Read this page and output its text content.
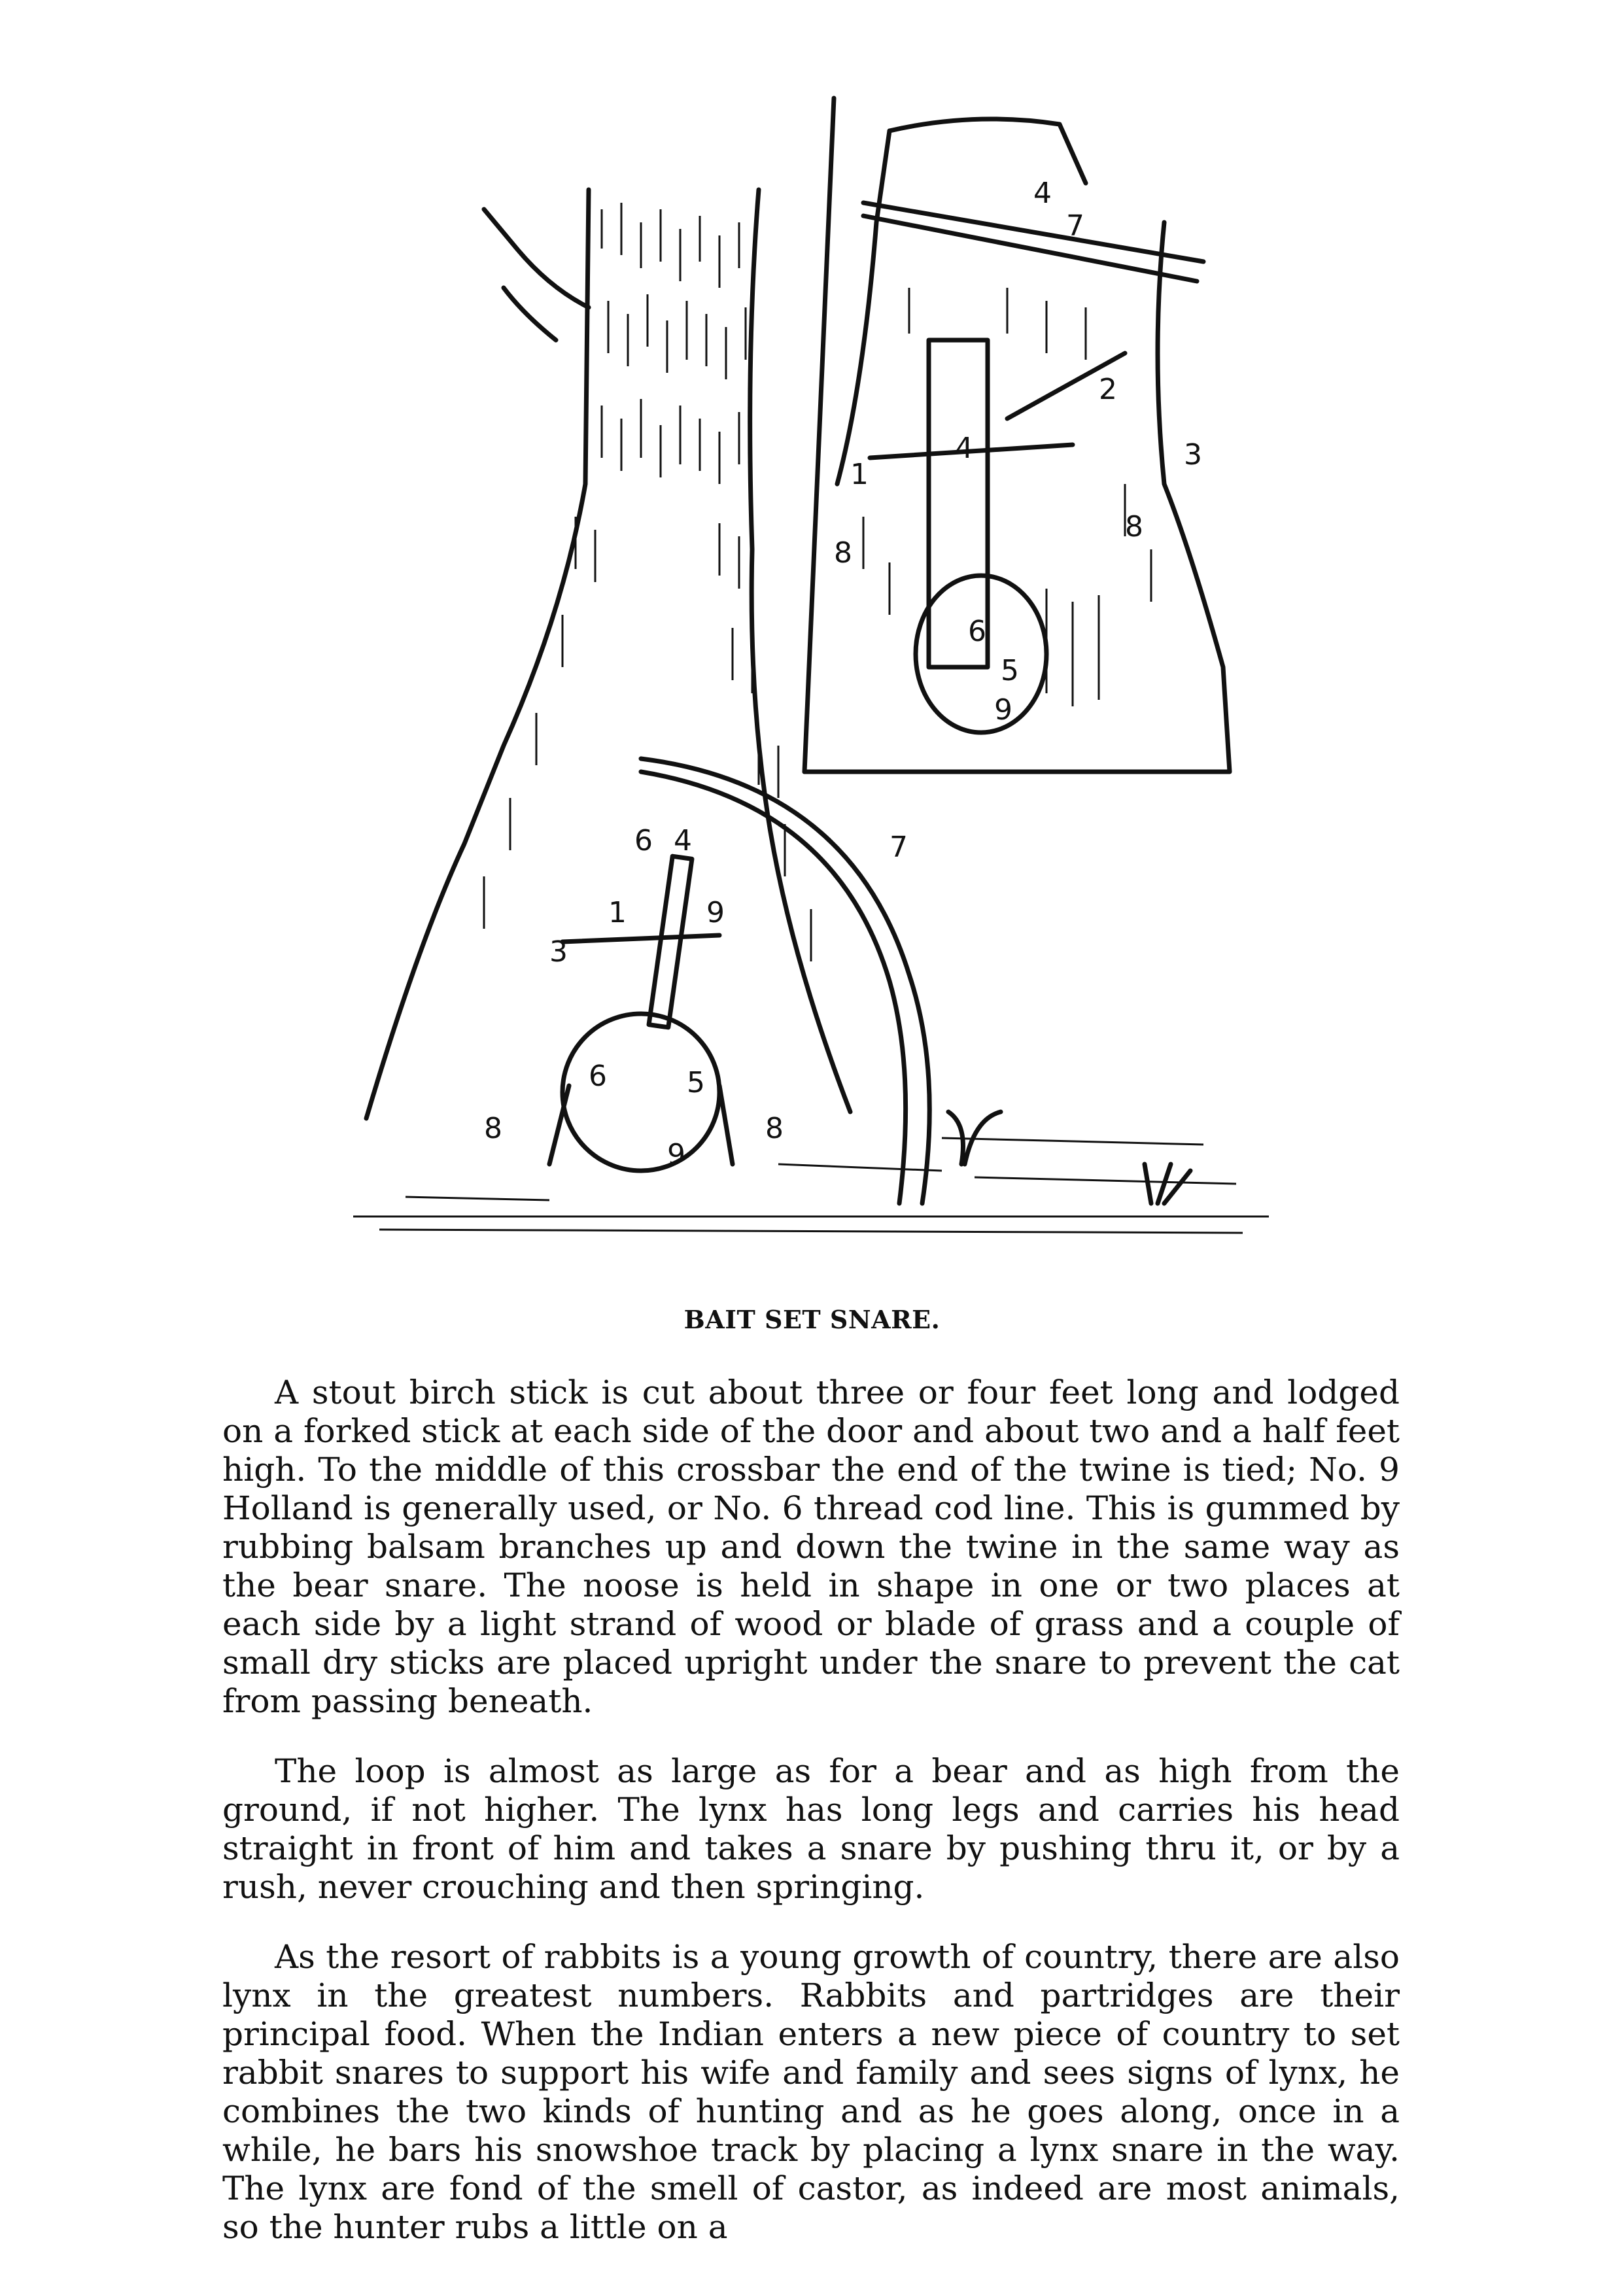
4
2
4	3
1
8
6
5
9
8
7
4
6
1	9
3
8	8
6	5
9
7
BAIT SET SNARE.

A stout birch stick is cut about three or four feet long and lodged on a forked stick at each side of the door and about two and a half feet high. To the middle of this crossbar the end of the twine is tied; No. 9 Holland is generally used, or No. 6 thread cod line. This is gummed by rubbing balsam branches up and down the twine in the same way as the bear snare. The noose is held in shape in one or two places at each side by a light strand of wood or blade of grass and a couple of small dry sticks are placed upright under the snare to prevent the cat from passing beneath.

The loop is almost as large as for a bear and as high from the ground, if not higher. The lynx has long legs and carries his head straight in front of him and takes a snare by pushing thru it, or by a rush, never crouching and then springing.

As the resort of rabbits is a young growth of country, there are also lynx in the greatest numbers. Rabbits and partridges are their principal food. When the Indian enters a new piece of country to set rabbit snares to support his wife and family and sees signs of lynx, he combines the two kinds of hunting and as he goes along, once in a while, he bars his snowshoe track by placing a lynx snare in the way. The lynx are fond of the smell of castor, as indeed are most animals, so the hunter rubs a little on a
